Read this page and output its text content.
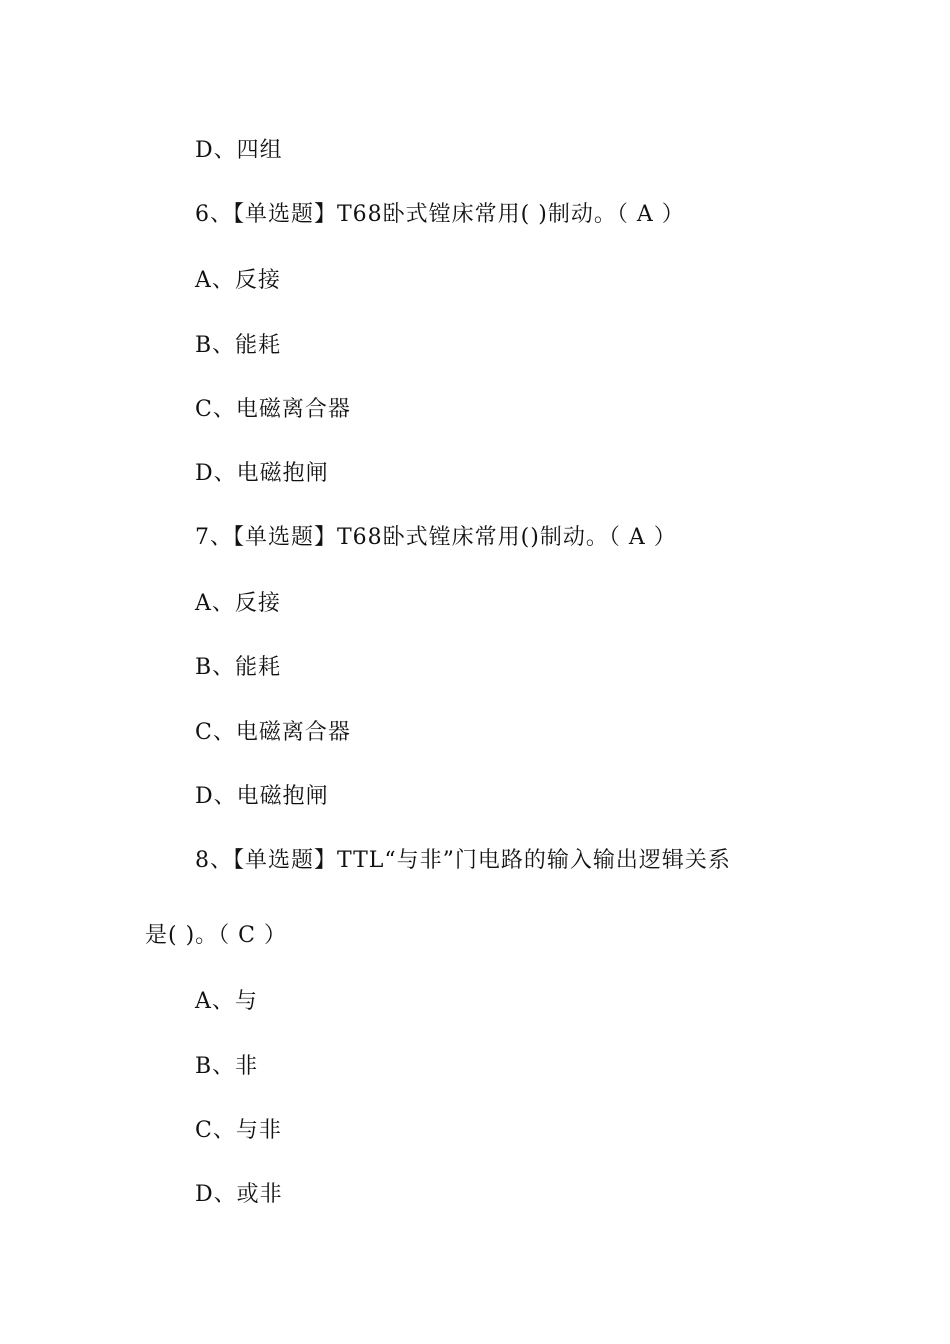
D、四组
6、【单选题】T68卧式镗床常用( )制动。（ A ）
A、反接
B、能耗
C、电磁离合器
D、电磁抱闸
7、【单选题】T68卧式镗床常用()制动。（ A ）
A、反接
B、能耗
C、电磁离合器
D、电磁抱闸
8、【单选题】TTL“与非”门电路的输入输出逻辑关系
是( )。（ C ）
A、与
B、非
C、与非
D、或非
